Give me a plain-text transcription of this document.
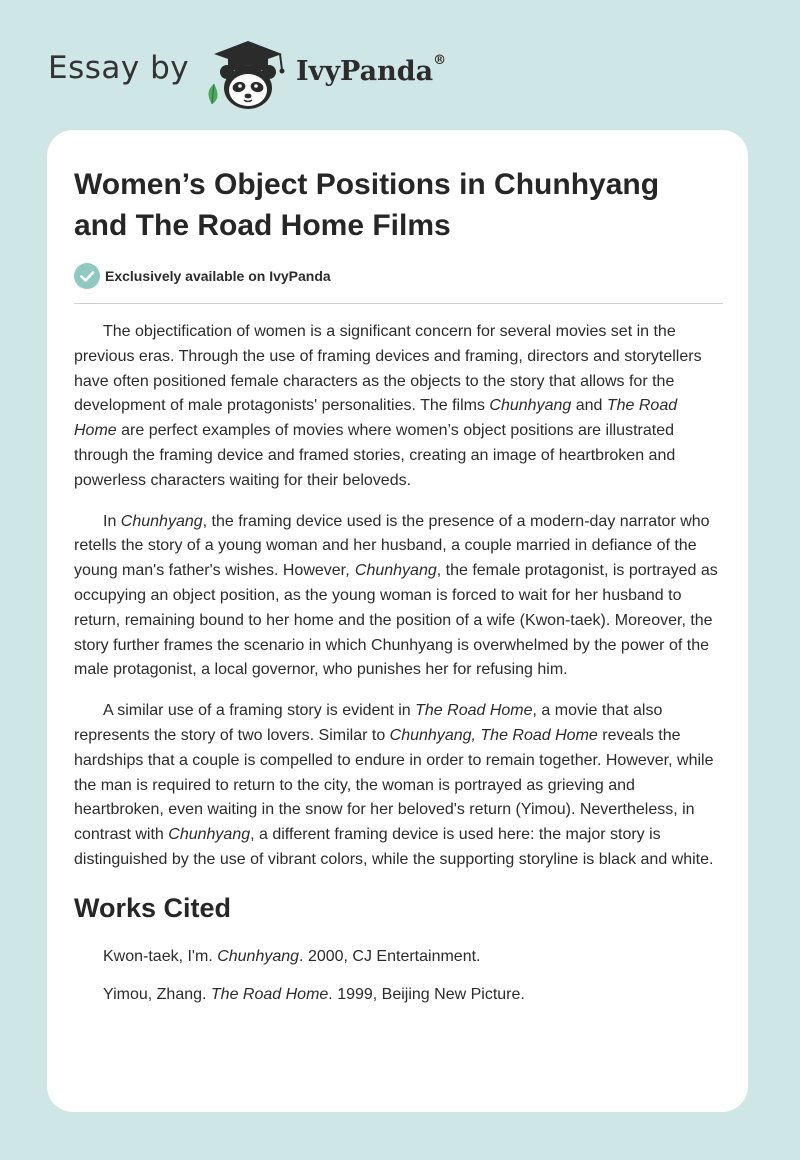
Essay by	IvyPanda®
Women’s Object Positions in Chunhyang and The Road Home Films
Exclusively available on IvyPanda

The objectification of women is a significant concern for several movies set in the previous eras. Through the use of framing devices and framing, directors and storytellers have often positioned female characters as the objects to the story that allows for the development of male protagonists' personalities. The films Chunhyang and The Road Home are perfect examples of movies where women’s object positions are illustrated through the framing device and framed stories, creating an image of heartbroken and powerless characters waiting for their beloveds.

In Chunhyang, the framing device used is the presence of a modern-day narrator who retells the story of a young woman and her husband, a couple married in defiance of the young man's father's wishes. However, Chunhyang, the female protagonist, is portrayed as occupying an object position, as the young woman is forced to wait for her husband to return, remaining bound to her home and the position of a wife (Kwon-taek). Moreover, the story further frames the scenario in which Chunhyang is overwhelmed by the power of the male protagonist, a local governor, who punishes her for refusing him.

A similar use of a framing story is evident in The Road Home, a movie that also represents the story of two lovers. Similar to Chunhyang, The Road Home reveals the hardships that a couple is compelled to endure in order to remain together. However, while the man is required to return to the city, the woman is portrayed as grieving and heartbroken, even waiting in the snow for her beloved's return (Yimou). Nevertheless, in contrast with Chunhyang, a different framing device is used here: the major story is distinguished by the use of vibrant colors, while the supporting storyline is black and white.

Works Cited

Kwon-taek, I'm. Chunhyang. 2000, CJ Entertainment.

Yimou, Zhang. The Road Home. 1999, Beijing New Picture.
